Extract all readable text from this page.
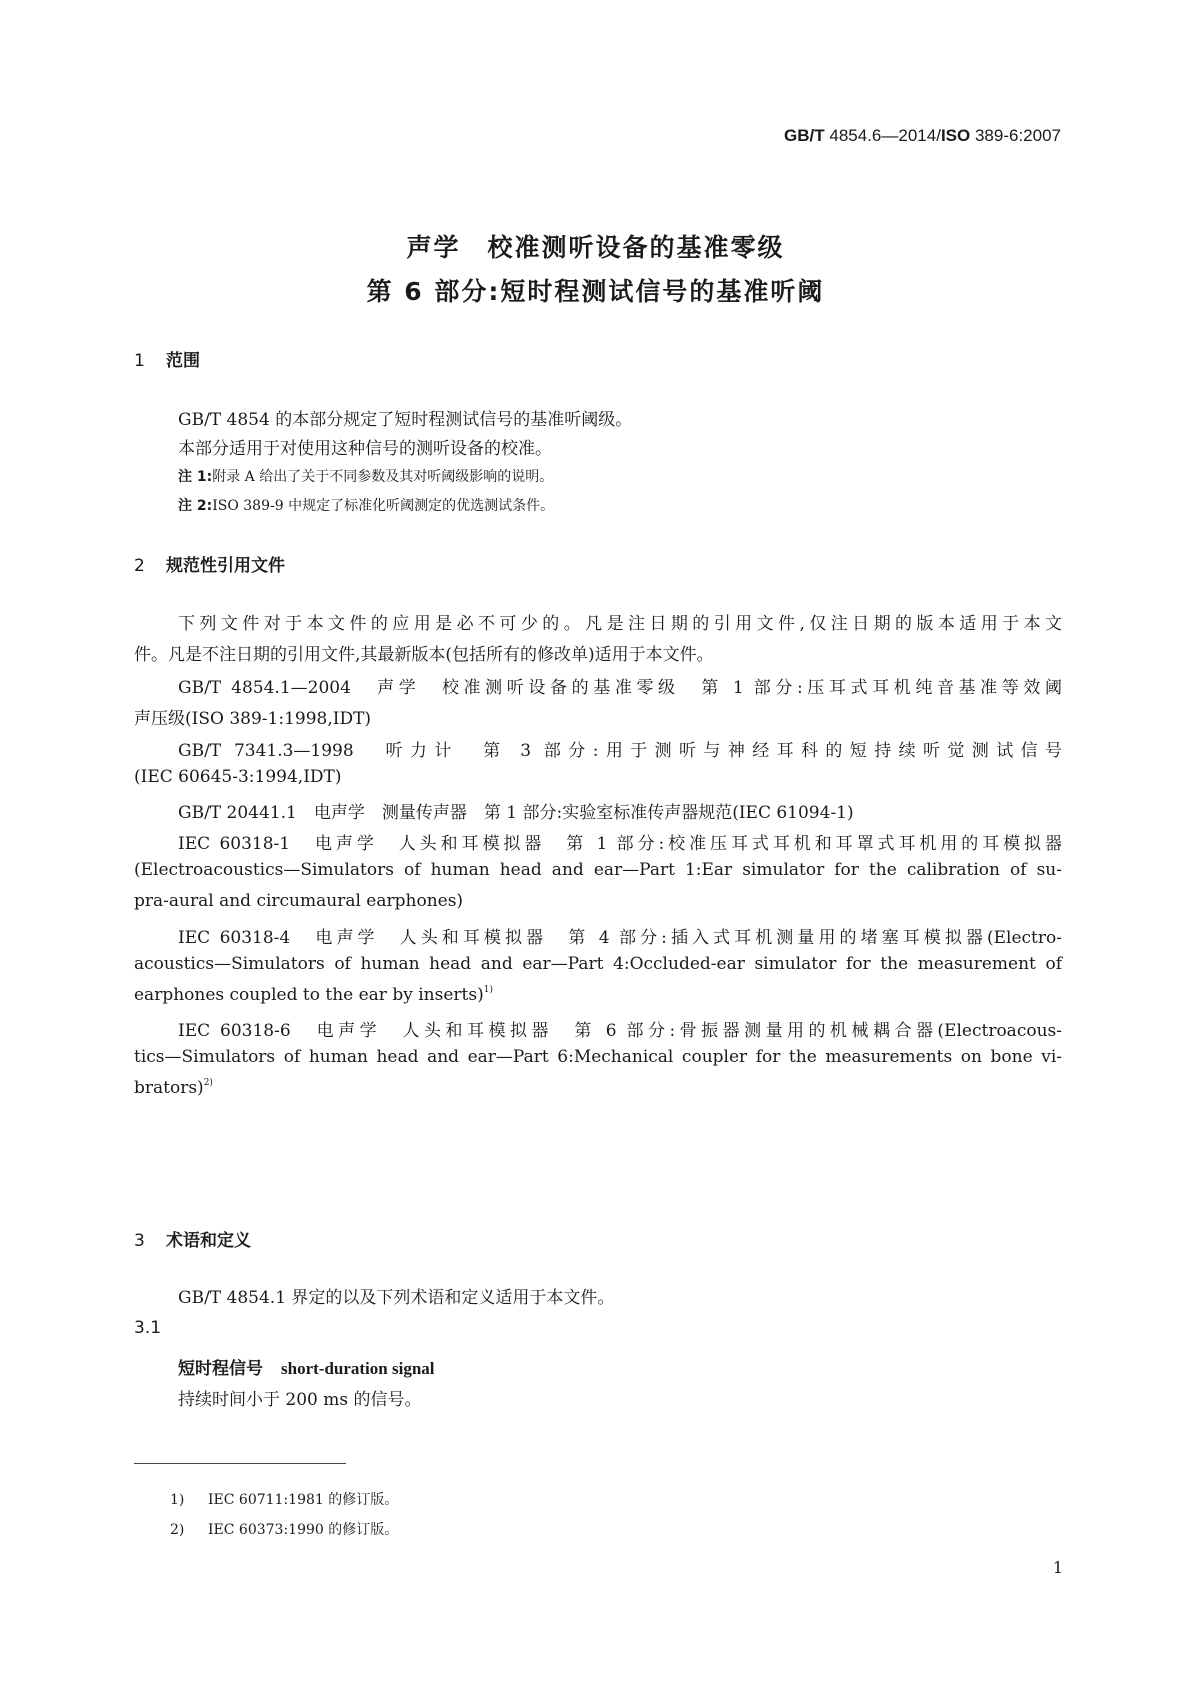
GB/T 4854.6—2014/ISO 389-6:2007
声学　校准测听设备的基准零级
第 6 部分:短时程测试信号的基准听阈
1 范围
GB/T 4854 的本部分规定了短时程测试信号的基准听阈级。
本部分适用于对使用这种信号的测听设备的校准。
注 1:附录 A 给出了关于不同参数及其对听阈级影响的说明。
注 2:ISO 389-9 中规定了标准化听阈测定的优选测试条件。
2 规范性引用文件
下列文件对于本文件的应用是必不可少的。凡是注日期的引用文件,仅注日期的版本适用于本文
件。凡是不注日期的引用文件,其最新版本(包括所有的修改单)适用于本文件。
GB/T 4854.1—2004　声学　校准测听设备的基准零级　第 1 部分:压耳式耳机纯音基准等效阈
声压级(ISO 389-1:1998,IDT)
GB/T 7341.3—1998　听力计　第 3 部分:用于测听与神经耳科的短持续听觉测试信号
(IEC 60645-3:1994,IDT)
GB/T 20441.1　电声学　测量传声器　第 1 部分:实验室标准传声器规范(IEC 61094-1)
IEC 60318-1　电声学　人头和耳模拟器　第 1 部分:校准压耳式耳机和耳罩式耳机用的耳模拟器
(Electroacoustics—Simulators of human head and ear—Part 1:Ear simulator for the calibration of su-
pra-aural and circumaural earphones)
IEC 60318-4　电声学　人头和耳模拟器　第 4 部分:插入式耳机测量用的堵塞耳模拟器(Electro-
acoustics—Simulators of human head and ear—Part 4:Occluded-ear simulator for the measurement of
earphones coupled to the ear by inserts)$^{1)}$
IEC 60318-6　电声学　人头和耳模拟器　第 6 部分:骨振器测量用的机械耦合器(Electroacous-
tics—Simulators of human head and ear—Part 6:Mechanical coupler for the measurements on bone vi-
brators)$^{2)}$
3 术语和定义
GB/T 4854.1 界定的以及下列术语和定义适用于本文件。
3.1
短时程信号 short-duration signal
持续时间小于 200 ms 的信号。
1) IEC 60711:1981 的修订版。
2) IEC 60373:1990 的修订版。
1
